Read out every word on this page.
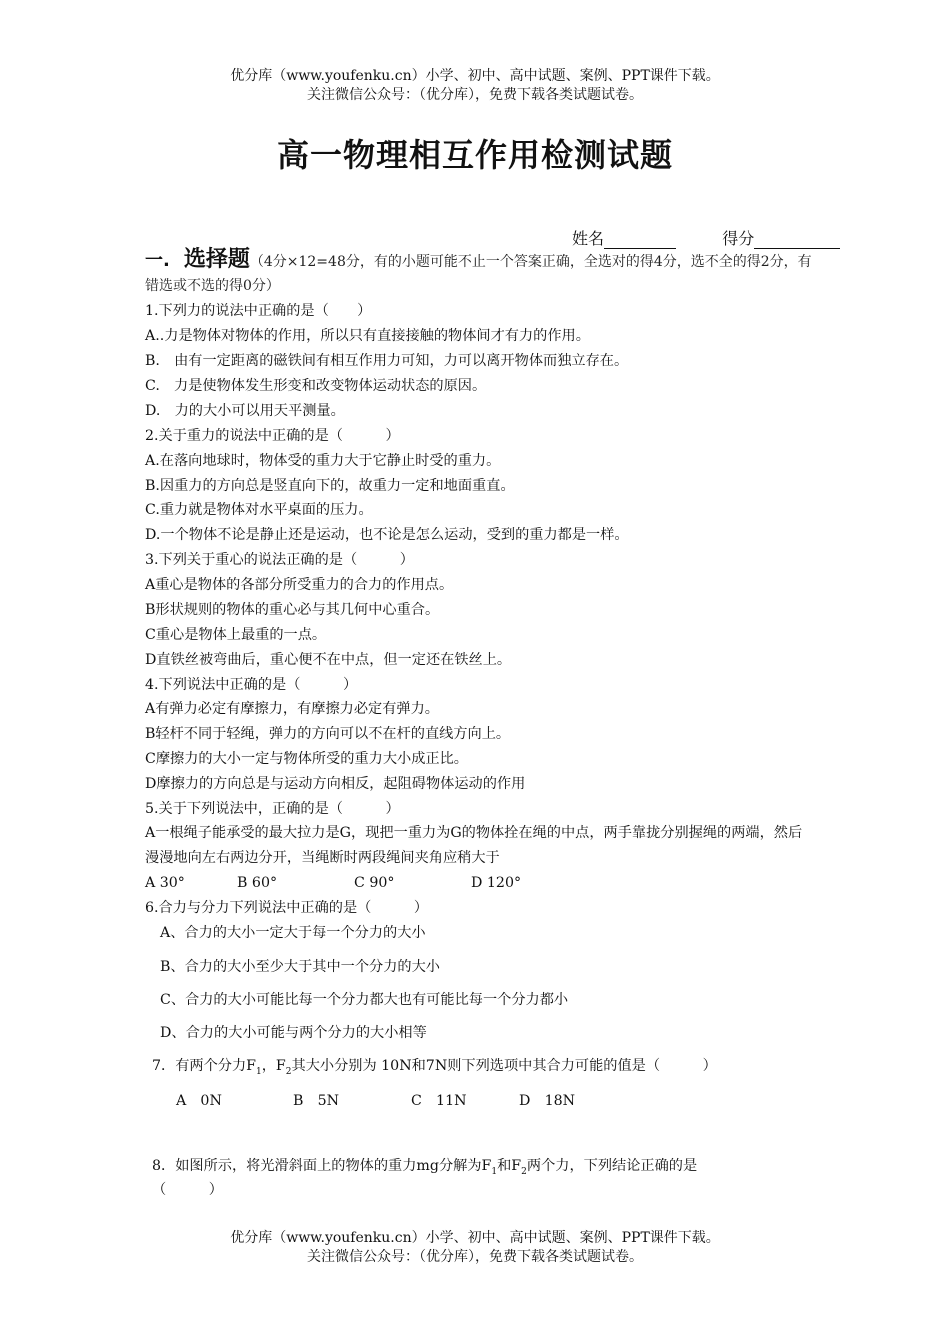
优分库（www.youfenku.cn）小学、初中、高中试题、案例、PPT课件下载。
关注微信公众号：（优分库），免费下载各类试题试卷。
高一物理相互作用检测试题
姓名	得分
一. 选择题（4分×12=48分，有的小题可能不止一个答案正确，全选对的得4分，选不全的得2分，有错选或不选的得0分）
1.下列力的说法中正确的是（　　）
A..力是物体对物体的作用，所以只有直接接触的物体间才有力的作用。
B.　由有一定距离的磁铁间有相互作用力可知，力可以离开物体而独立存在。
C.　力是使物体发生形变和改变物体运动状态的原因。
D.　力的大小可以用天平测量。
2.关于重力的说法中正确的是（　　　）
A.在落向地球时，物体受的重力大于它静止时受的重力。
B.因重力的方向总是竖直向下的，故重力一定和地面重直。
C.重力就是物体对水平桌面的压力。
D.一个物体不论是静止还是运动，也不论是怎么运动，受到的重力都是一样。
3.下列关于重心的说法正确的是（　　　）
A重心是物体的各部分所受重力的合力的作用点。
B形状规则的物体的重心必与其几何中心重合。
C重心是物体上最重的一点。
D直铁丝被弯曲后，重心便不在中点，但一定还在铁丝上。
4.下列说法中正确的是（　　　）
A有弹力必定有摩擦力，有摩擦力必定有弹力。
B轻杆不同于轻绳，弹力的方向可以不在杆的直线方向上。
C摩擦力的大小一定与物体所受的重力大小成正比。
D摩擦力的方向总是与运动方向相反，起阻碍物体运动的作用
5.关于下列说法中，正确的是（　　　）
A一根绳子能承受的最大拉力是G，现把一重力为G的物体拴在绳的中点，两手靠拢分别握绳的两端，然后漫漫地向左右两边分开，当绳断时两段绳间夹角应稍大于
A 30°	B 60°	C 90°	D 120°
6.合力与分力下列说法中正确的是（　　　）
A、合力的大小一定大于每一个分力的大小
B、合力的大小至少大于其中一个分力的大小
C、合力的大小可能比每一个分力都大也有可能比每一个分力都小
D、合力的大小可能与两个分力的大小相等
7．有两个分力$F_1$，$F_2$其大小分别为 10N和7N则下列选项中其合力可能的值是（　　　）
A　0N	B　5N	C　11N	D　18N
8．如图所示，将光滑斜面上的物体的重力mg分解为$F_1$和$F_2$两个力，下列结论正确的是
（　　　）
优分库（www.youfenku.cn）小学、初中、高中试题、案例、PPT课件下载。
关注微信公众号：（优分库），免费下载各类试题试卷。
